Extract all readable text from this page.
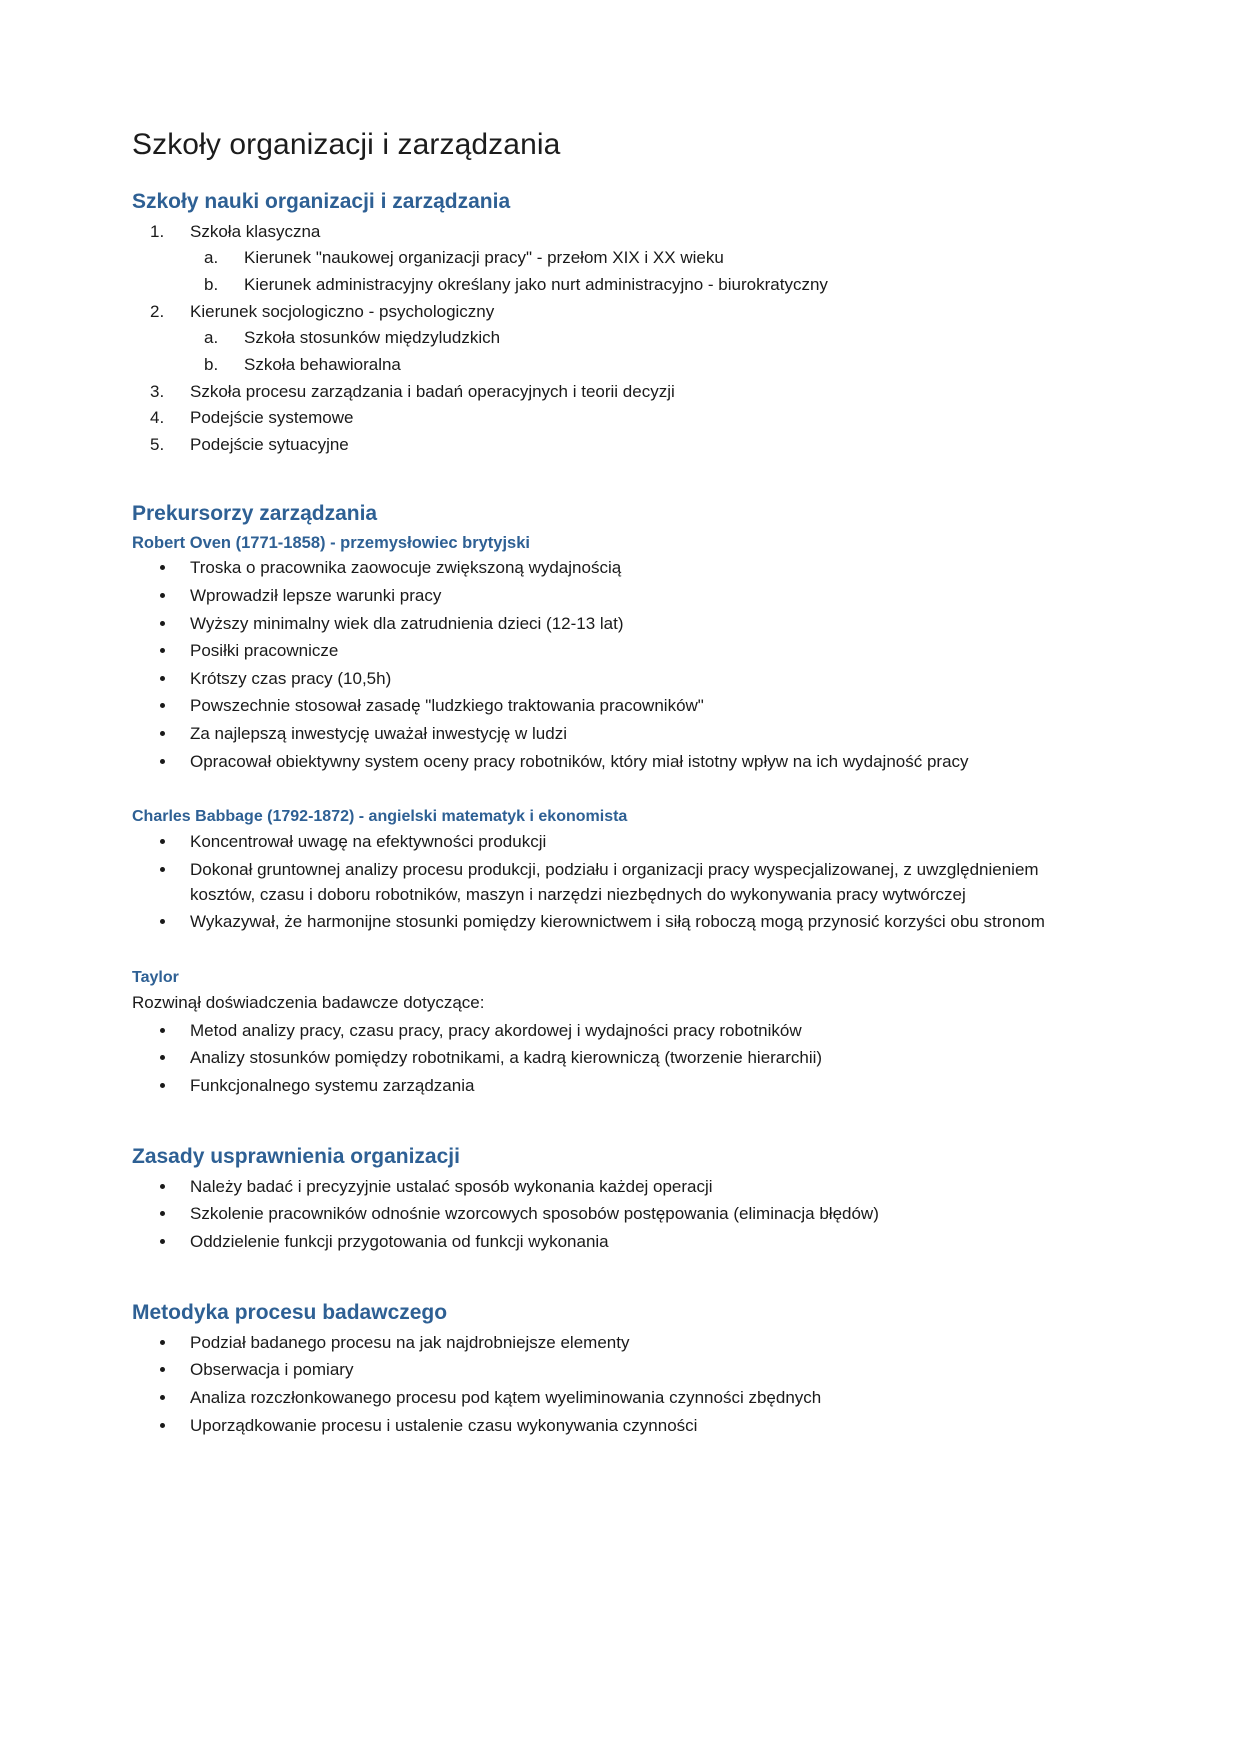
Szkoły organizacji i zarządzania
Szkoły nauki organizacji i zarządzania
1.	Szkoła klasyczna
a.	Kierunek "naukowej organizacji pracy" - przełom XIX i XX wieku
b.	Kierunek administracyjny określany jako nurt administracyjno - biurokratyczny
2.	Kierunek socjologiczno - psychologiczny
a.	Szkoła stosunków międzyludzkich
b.	Szkoła behawioralna
3.	Szkoła procesu zarządzania i badań operacyjnych i teorii decyzji
4.	Podejście systemowe
5.	Podejście sytuacyjne
Prekursorzy zarządzania
Robert Oven (1771-1858) - przemysłowiec brytyjski
Troska o pracownika zaowocuje zwiększoną wydajnością
Wprowadził lepsze warunki pracy
Wyższy minimalny wiek dla zatrudnienia dzieci (12-13 lat)
Posiłki pracownicze
Krótszy czas pracy (10,5h)
Powszechnie stosował zasadę "ludzkiego traktowania pracowników"
Za najlepszą inwestycję uważał inwestycję w ludzi
Opracował obiektywny system oceny pracy robotników, który miał istotny wpływ na ich wydajność pracy
Charles Babbage (1792-1872) - angielski matematyk i ekonomista
Koncentrował uwagę na efektywności produkcji
Dokonał gruntownej analizy procesu produkcji, podziału i organizacji pracy wyspecjalizowanej, z uwzględnieniem kosztów, czasu i doboru robotników, maszyn i narzędzi niezbędnych do wykonywania pracy wytwórczej
Wykazywał, że harmonijne stosunki pomiędzy kierownictwem i siłą roboczą mogą przynosić korzyści obu stronom
Taylor
Rozwinął doświadczenia badawcze dotyczące:
Metod analizy pracy, czasu pracy, pracy akordowej i wydajności pracy robotników
Analizy stosunków pomiędzy robotnikami, a kadrą kierowniczą (tworzenie hierarchii)
Funkcjonalnego systemu zarządzania
Zasady usprawnienia organizacji
Należy badać i precyzyjnie ustalać sposób wykonania każdej operacji
Szkolenie pracowników odnośnie wzorcowych sposobów postępowania (eliminacja błędów)
Oddzielenie funkcji przygotowania od funkcji wykonania
Metodyka procesu badawczego
Podział badanego procesu na jak najdrobniejsze elementy
Obserwacja i pomiary
Analiza rozczłonkowanego procesu pod kątem wyeliminowania czynności zbędnych
Uporządkowanie procesu i ustalenie czasu wykonywania czynności
